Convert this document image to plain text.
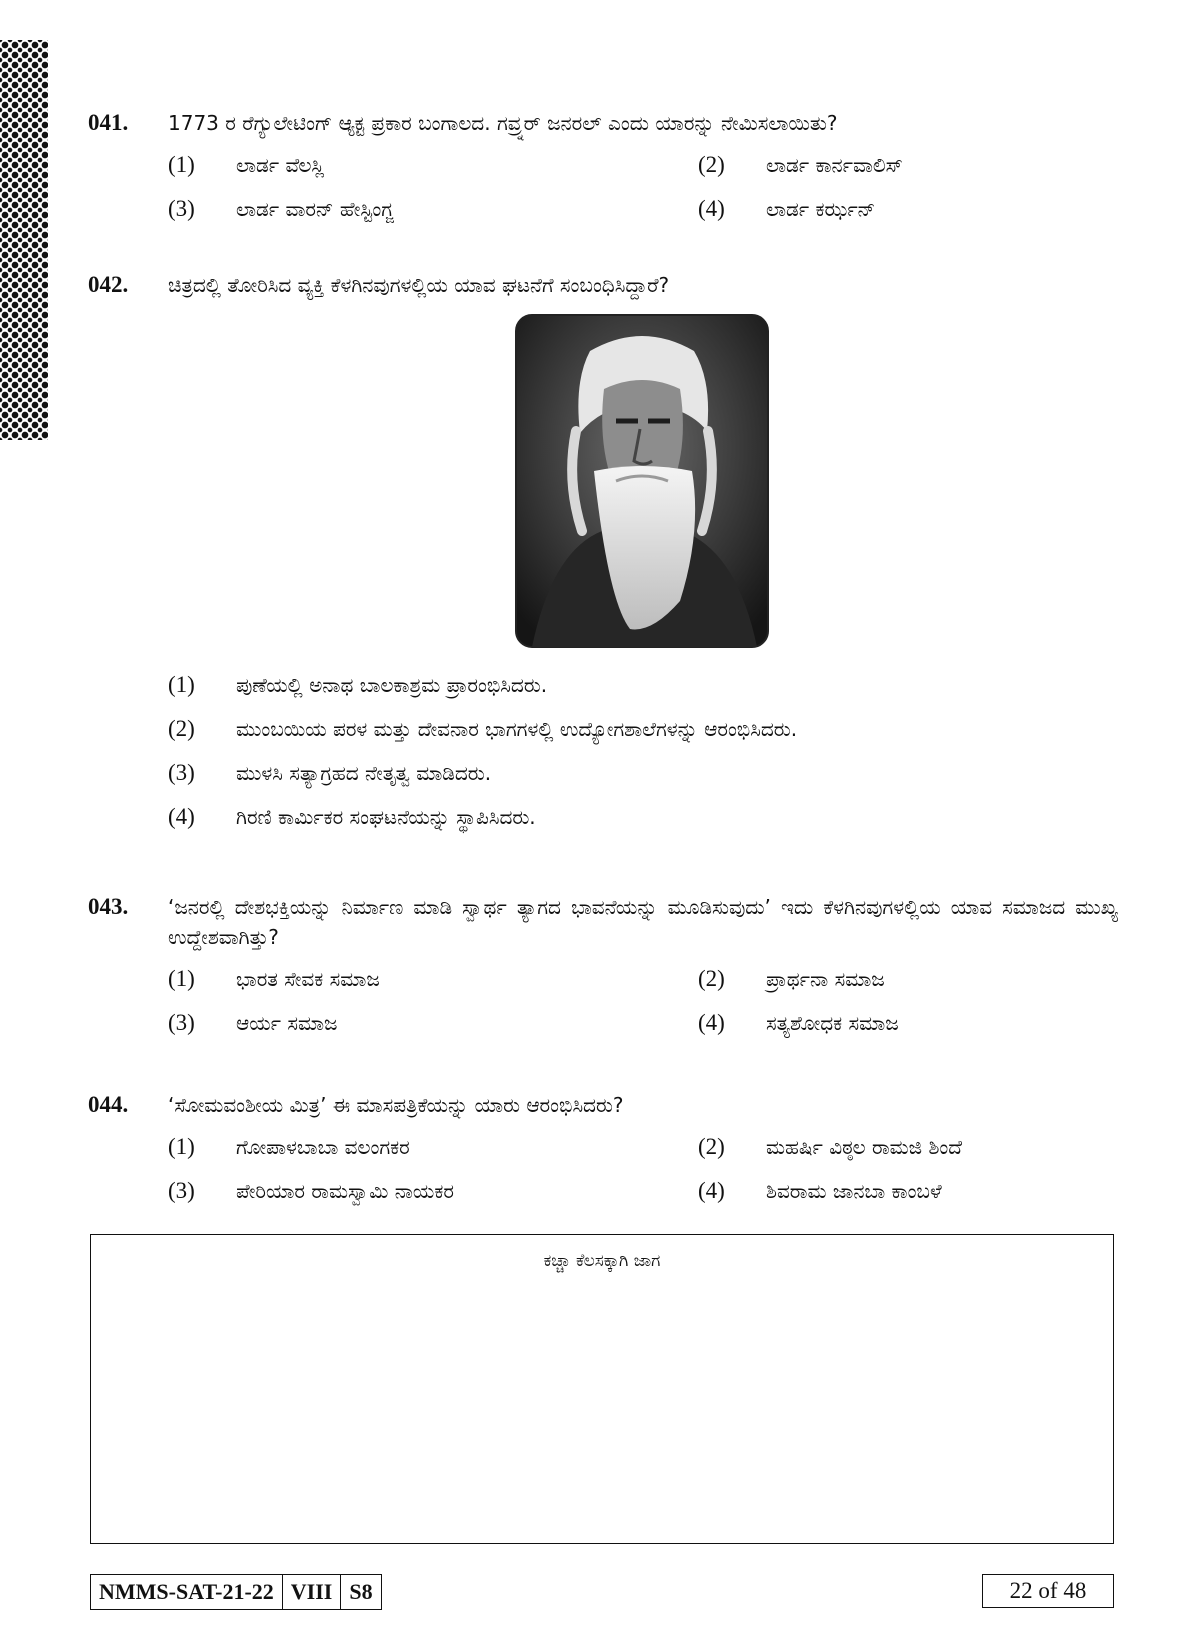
041. 1773 ರ ರೆಗ್ಯುಲೇಟಿಂಗ್ ಆ್ಯಕ್ಟ ಪ್ರಕಾರ ಬಂಗಾಲದ. ಗವ್ರ್ನರ್ ಜನರಲ್ ಎಂದು ಯಾರನ್ನು ನೇಮಿಸಲಾಯಿತು?
(1)	ಲಾರ್ಡ ವೆಲಸ್ಲಿ	(2)	ಲಾರ್ಡ ಕಾರ್ನವಾಲಿಸ್
(3)	ಲಾರ್ಡ ವಾರನ್ ಹೇಸ್ಟಿಂಗ್ಜ	(4)	ಲಾರ್ಡ ಕರ್ಝನ್
042. ಚಿತ್ರದಲ್ಲಿ ತೋರಿಸಿದ ವ್ಯಕ್ತಿ ಕೆಳಗಿನವುಗಳಲ್ಲಿಯ ಯಾವ ಘಟನೆಗೆ ಸಂಬಂಧಿಸಿದ್ದಾರೆ?
(1)	ಪುಣೆಯಲ್ಲಿ ಅನಾಥ ಬಾಲಕಾಶ್ರಮ ಪ್ರಾರಂಭಿಸಿದರು.
(2)	ಮುಂಬಯಿಯ ಪರಳ ಮತ್ತು ದೇವನಾರ ಭಾಗಗಳಲ್ಲಿ ಉದ್ಯೋಗಶಾಲೆಗಳನ್ನು ಆರಂಭಿಸಿದರು.
(3)	ಮುಳಸಿ ಸತ್ಯಾಗ್ರಹದ ನೇತೃತ್ವ ಮಾಡಿದರು.
(4)	ಗಿರಣಿ ಕಾರ್ಮಿಕರ ಸಂಘಟನೆಯನ್ನು ಸ್ಥಾಪಿಸಿದರು.
043. ‘ಜನರಲ್ಲಿ ದೇಶಭಕ್ತಿಯನ್ನು ನಿರ್ಮಾಣ ಮಾಡಿ ಸ್ವಾರ್ಥ ತ್ಯಾಗದ ಭಾವನೆಯನ್ನು ಮೂಡಿಸುವುದು’ ಇದು ಕೆಳಗಿನವುಗಳಲ್ಲಿಯ ಯಾವ ಸಮಾಜದ ಮುಖ್ಯ ಉದ್ದೇಶವಾಗಿತ್ತು?
(1)	ಭಾರತ ಸೇವಕ ಸಮಾಜ	(2)	ಪ್ರಾರ್ಥನಾ ಸಮಾಜ
(3)	ಆರ್ಯ ಸಮಾಜ	(4)	ಸತ್ಯಶೋಧಕ ಸಮಾಜ
044. ‘ಸೋಮವಂಶೀಯ ಮಿತ್ರ’ ಈ ಮಾಸಪತ್ರಿಕೆಯನ್ನು ಯಾರು ಆರಂಭಿಸಿದರು?
(1)	ಗೋಪಾಳಬಾಬಾ ವಲಂಗಕರ	(2)	ಮಹರ್ಷಿ ವಿಠ್ಠಲ ರಾಮಜಿ ಶಿಂದೆ
(3)	ಪೇರಿಯಾರ ರಾಮಸ್ವಾಮಿ ನಾಯಕರ	(4)	ಶಿವರಾಮ ಜಾನಬಾ ಕಾಂಬಳೆ
ಕಚ್ಚಾ ಕೆಲಸಕ್ಕಾಗಿ ಜಾಗ
NMMS-SAT-21-22 VIII S8	22 of 48
